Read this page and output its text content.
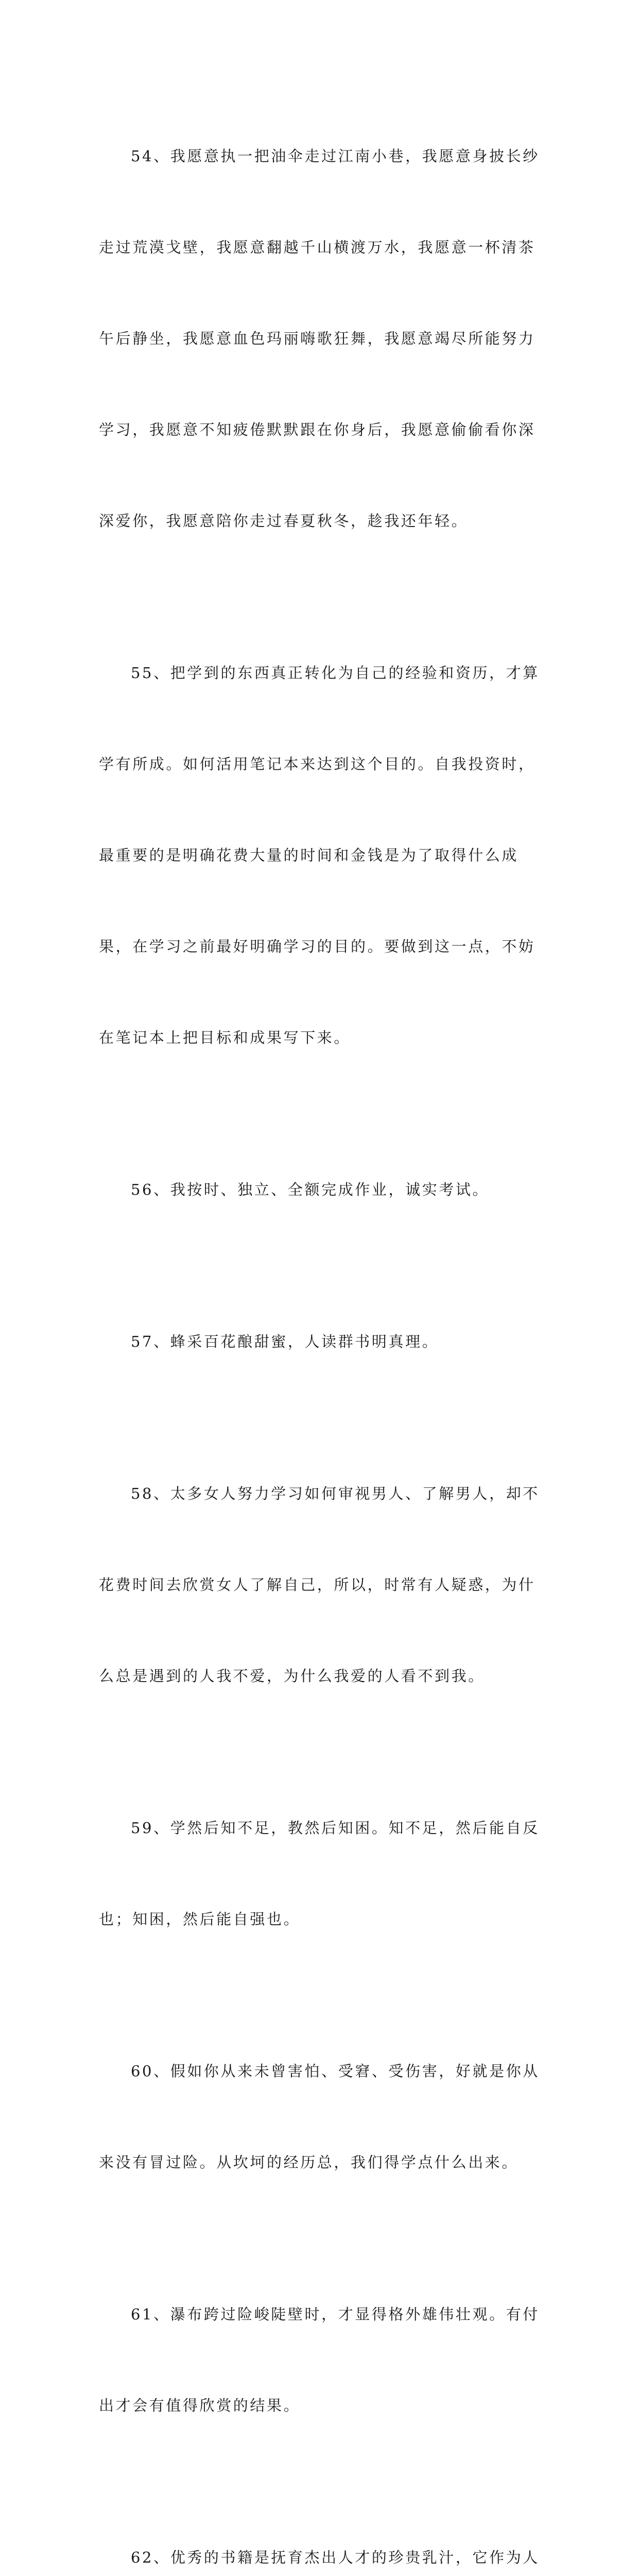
54、我愿意执一把油伞走过江南小巷，我愿意身披长纱

走过荒漠戈壁，我愿意翻越千山横渡万水，我愿意一杯清茶

午后静坐，我愿意血色玛丽嗨歌狂舞，我愿意竭尽所能努力

学习，我愿意不知疲倦默默跟在你身后，我愿意偷偷看你深

深爱你，我愿意陪你走过春夏秋冬，趁我还年轻。

55、把学到的东西真正转化为自己的经验和资历，才算

学有所成。如何活用笔记本来达到这个目的。自我投资时，

最重要的是明确花费大量的时间和金钱是为了取得什么成

果，在学习之前最好明确学习的目的。要做到这一点，不妨

在笔记本上把目标和成果写下来。

56、我按时、独立、全额完成作业，诚实考试。

57、蜂采百花酿甜蜜，人读群书明真理。

58、太多女人努力学习如何审视男人、了解男人，却不

花费时间去欣赏女人了解自己，所以，时常有人疑惑，为什

么总是遇到的人我不爱，为什么我爱的人看不到我。

59、学然后知不足，教然后知困。知不足，然后能自反

也；知困，然后能自强也。

60、假如你从来未曾害怕、受窘、受伤害，好就是你从

来没有冒过险。从坎坷的经历总，我们得学点什么出来。

61、瀑布跨过险峻陡壁时，才显得格外雄伟壮观。有付

出才会有值得欣赏的结果。

62、优秀的书籍是抚育杰出人才的珍贵乳汁，它作为人
